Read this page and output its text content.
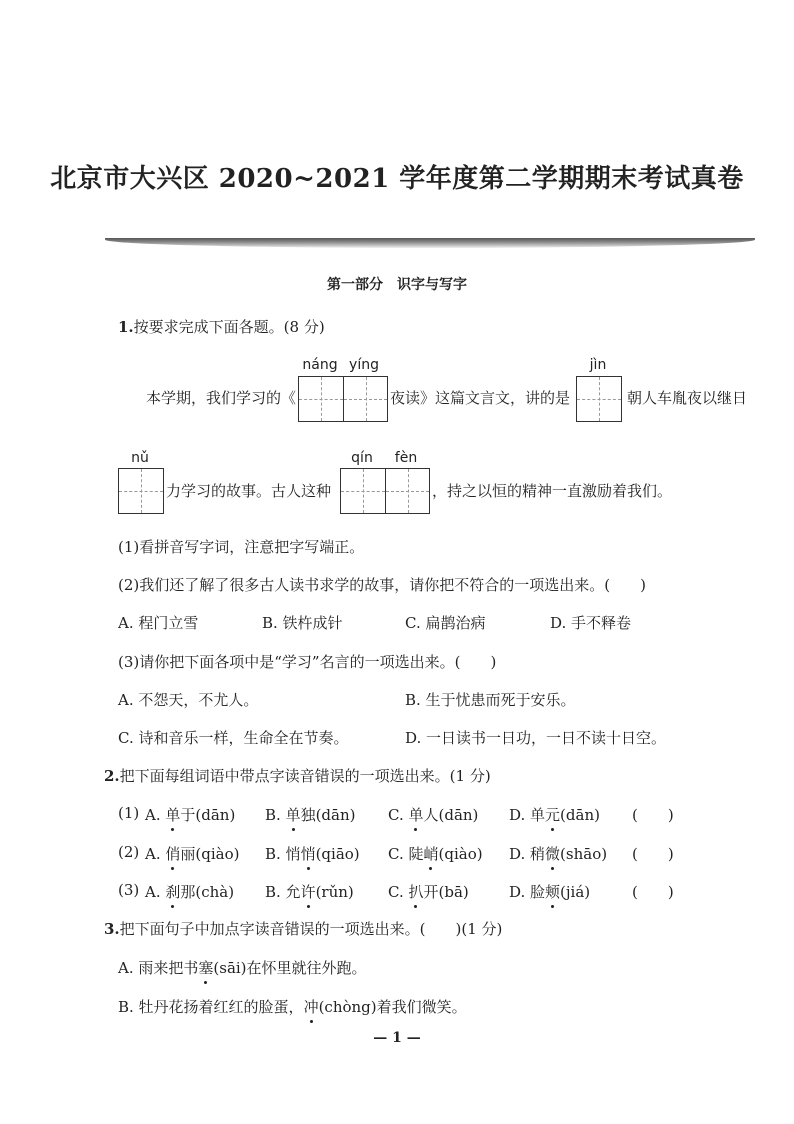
北京市大兴区 2020~2021 学年度第二学期期末考试真卷
第一部分　识字与写字
1.按要求完成下面各题。(8 分)
náng yíng	jìn
本学期，我们学习的《	夜读》这篇文言文，讲的是	朝人车胤夜以继日
nǔ	qín	fèn
力学习的故事。古人这种	，持之以恒的精神一直激励着我们。
(1)看拼音写字词，注意把字写端正。
(2)我们还了解了很多古人读书求学的故事，请你把不符合的一项选出来。(　　)
A. 程门立雪	B. 铁杵成针	C. 扁鹊治病	D. 手不释卷
(3)请你把下面各项中是“学习”名言的一项选出来。(　　)
A. 不怨天，不尤人。	B. 生于忧患而死于安乐。
C. 诗和音乐一样，生命全在节奏。	D. 一日读书一日功，一日不读十日空。
2.把下面每组词语中带点字读音错误的一项选出来。(1 分)
(1) A. 单于(dān) B. 单独(dān) C. 单人(dān) D. 单元(dān) (　　)
(2) A. 俏丽(qiào) B. 悄悄(qiāo) C. 陡峭(qiào) D. 稍微(shāo) (　　)
(3) A. 刹那(chà) B. 允许(rǔn) C. 扒开(bā)	D. 脸颊(jiá)	(　　)
3.把下面句子中加点字读音错误的一项选出来。(　　)(1 分)
A. 雨来把书塞(sāi)在怀里就往外跑。
B. 牡丹花扬着红红的脸蛋，冲(chòng)着我们微笑。
— 1 —
